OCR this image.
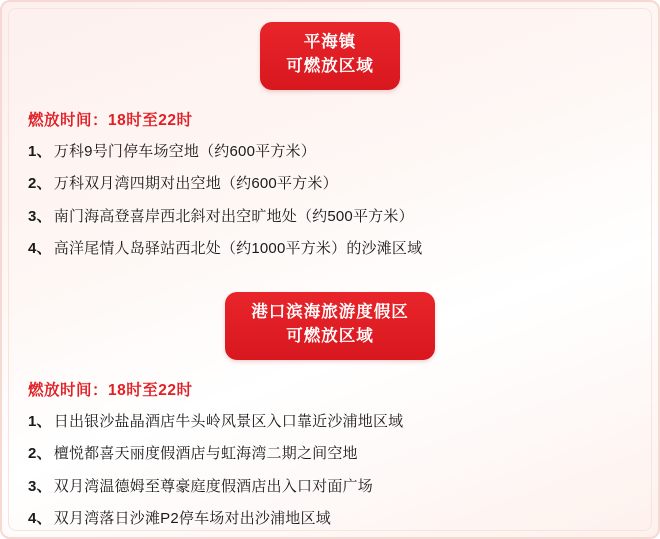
平海镇
可燃放区域
燃放时间：18时至22时
1、 万科9号门停车场空地（约600平方米）
2、 万科双月湾四期对出空地（约600平方米）
3、 南门海高登喜岸西北斜对出空旷地处（约500平方米）
4、 高洋尾情人岛驿站西北处（约1000平方米）的沙滩区域
港口滨海旅游度假区
可燃放区域
燃放时间：18时至22时
1、 日出银沙盐晶酒店牛头岭风景区入口靠近沙浦地区域
2、 檀悦都喜天丽度假酒店与虹海湾二期之间空地
3、 双月湾温德姆至尊豪庭度假酒店出入口对面广场
4、 双月湾落日沙滩P2停车场对出沙浦地区域
